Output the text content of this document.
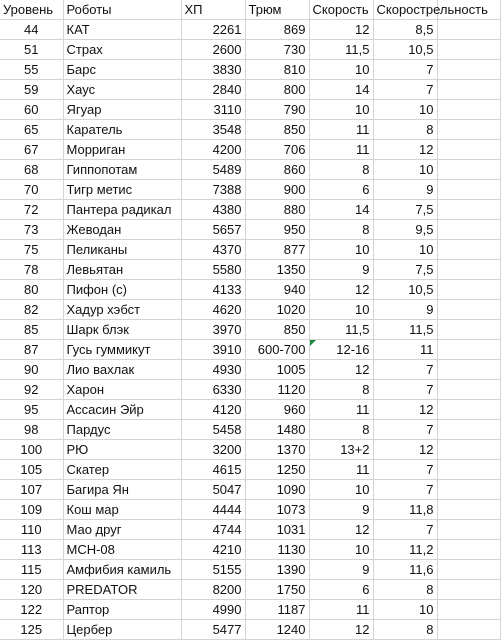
Уровень	Роботы	ХП	Трюм	Скорость	Скорострельность	
44	КАТ	2261	869	12	8,5	
51	Страх	2600	730	11,5	10,5	
55	Барс	3830	810	10	7	
59	Хаус	2840	800	14	7	
60	Ягуар	3110	790	10	10	
65	Каратель	3548	850	11	8	
67	Морриган	4200	706	11	12	
68	Гиппопотам	5489	860	8	10	
70	Тигр метис	7388	900	6	9	
72	Пантера радикал	4380	880	14	7,5	
73	Жеводан	5657	950	8	9,5	
75	Пеликаны	4370	877	10	10	
78	Левьятан	5580	1350	9	7,5	
80	Пифон (с)	4133	940	12	10,5	
82	Хадур хэбст	4620	1020	10	9	
85	Шарк блэк	3970	850	11,5	11,5	
87	Гусь гуммикут	3910	600-700	12-16	11	
90	Лио вахлак	4930	1005	12	7	
92	Харон	6330	1120	8	7	
95	Ассасин Эйр	4120	960	11	12	
98	Пардус	5458	1480	8	7	
100	РЮ	3200	1370	13+2	12	
105	Скатер	4615	1250	11	7	
107	Багира Ян	5047	1090	10	7	
109	Кош мар	4444	1073	9	11,8	
110	Мао друг	4744	1031	12	7	
113	МСН-08	4210	1130	10	11,2	
115	Амфибия камиль	5155	1390	9	11,6	
120	PREDATOR	8200	1750	6	8	
122	Раптор	4990	1187	11	10	
125	Цербер	5477	1240	12	8	
